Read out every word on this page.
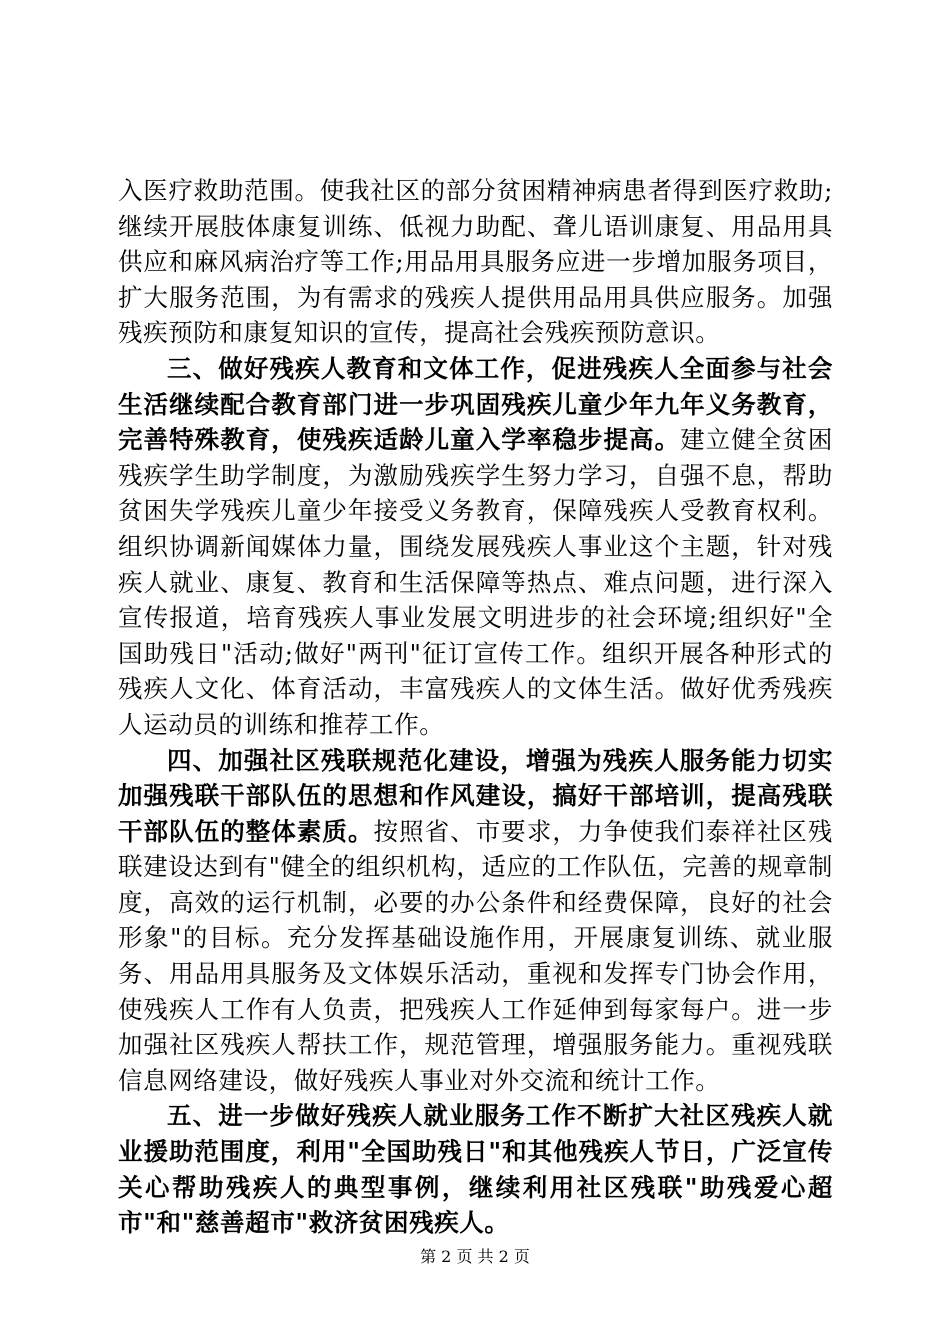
入医疗救助范围。使我社区的部分贫困精神病患者得到医疗救助;继续开展肢体康复训练、低视力助配、聋儿语训康复、用品用具供应和麻风病治疗等工作;用品用具服务应进一步增加服务项目，扩大服务范围，为有需求的残疾人提供用品用具供应服务。加强残疾预防和康复知识的宣传，提高社会残疾预防意识。

三、做好残疾人教育和文体工作，促进残疾人全面参与社会生活继续配合教育部门进一步巩固残疾儿童少年九年义务教育，完善特殊教育，使残疾适龄儿童入学率稳步提高。建立健全贫困残疾学生助学制度，为激励残疾学生努力学习，自强不息，帮助贫困失学残疾儿童少年接受义务教育，保障残疾人受教育权利。组织协调新闻媒体力量，围绕发展残疾人事业这个主题，针对残疾人就业、康复、教育和生活保障等热点、难点问题，进行深入宣传报道，培育残疾人事业发展文明进步的社会环境;组织好"全国助残日"活动;做好"两刊"征订宣传工作。组织开展各种形式的残疾人文化、体育活动，丰富残疾人的文体生活。做好优秀残疾人运动员的训练和推荐工作。

四、加强社区残联规范化建设，增强为残疾人服务能力切实加强残联干部队伍的思想和作风建设，搞好干部培训，提高残联干部队伍的整体素质。按照省、市要求，力争使我们泰祥社区残联建设达到有"健全的组织机构，适应的工作队伍，完善的规章制度，高效的运行机制，必要的办公条件和经费保障，良好的社会形象"的目标。充分发挥基础设施作用，开展康复训练、就业服务、用品用具服务及文体娱乐活动，重视和发挥专门协会作用，使残疾人工作有人负责，把残疾人工作延伸到每家每户。进一步加强社区残疾人帮扶工作，规范管理，增强服务能力。重视残联信息网络建设，做好残疾人事业对外交流和统计工作。

五、进一步做好残疾人就业服务工作不断扩大社区残疾人就业援助范围度，利用"全国助残日"和其他残疾人节日，广泛宣传关心帮助残疾人的典型事例，继续利用社区残联"助残爱心超市"和"慈善超市"救济贫困残疾人。

第 2 页 共 2 页
